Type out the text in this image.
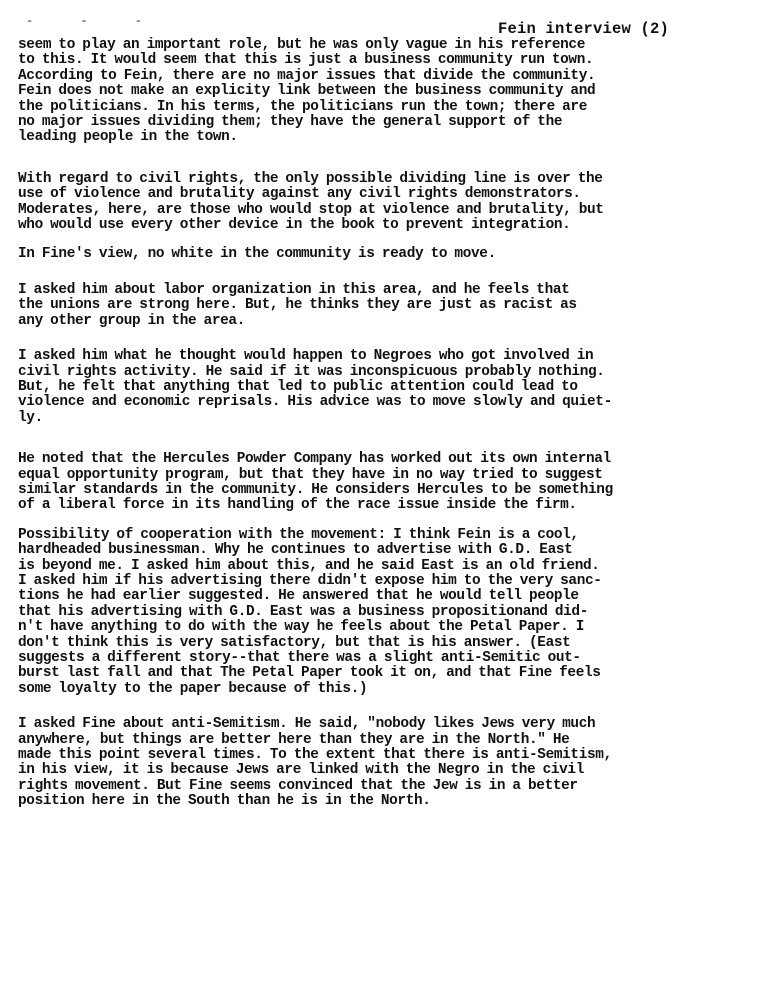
- - -	Fein interview (2)
seem to play an important role, but he was only vague in his reference
to this. It would seem that this is just a business community run town.
According to Fein, there are no major issues that divide the community.
Fein does not make an explicity link between the business community and
the politicians. In his terms, the politicians run the town; there are
no major issues dividing them; they have the general support of the
leading people in the town.
With regard to civil rights, the only possible dividing line is over the
use of violence and brutality against any civil rights demonstrators.
Moderates, here, are those who would stop at violence and brutality, but
who would use every other device in the book to prevent integration.
In Fine's view, no white in the community is ready to move.
I asked him about labor organization in this area, and he feels that
the unions are strong here. But, he thinks they are just as racist as
any other group in the area.
I asked him what he thought would happen to Negroes who got involved in
civil rights activity. He said if it was inconspicuous probably nothing.
But, he felt that anything that led to public attention could lead to
violence and economic reprisals. His advice was to move slowly and quiet-
ly.
He noted that the Hercules Powder Company has worked out its own internal
equal opportunity program, but that they have in no way tried to suggest
similar standards in the community. He considers Hercules to be something
of a liberal force in its handling of the race issue inside the firm.
Possibility of cooperation with the movement: I think Fein is a cool,
hardheaded businessman. Why he continues to advertise with G.D. East
is beyond me. I asked him about this, and he said East is an old friend.
I asked him if his advertising there didn't expose him to the very sanc-
tions he had earlier suggested. He answered that he would tell people
that his advertising with G.D. East was a business propositionand did-
n't have anything to do with the way he feels about the Petal Paper. I
don't think this is very satisfactory, but that is his answer. (East
suggests a different story--that there was a slight anti-Semitic out-
burst last fall and that The Petal Paper took it on, and that Fine feels
some loyalty to the paper because of this.)
I asked Fine about anti-Semitism. He said, "nobody likes Jews very much
anywhere, but things are better here than they are in the North." He
made this point several times. To the extent that there is anti-Semitism,
in his view, it is because Jews are linked with the Negro in the civil
rights movement. But Fine seems convinced that the Jew is in a better
position here in the South than he is in the North.
